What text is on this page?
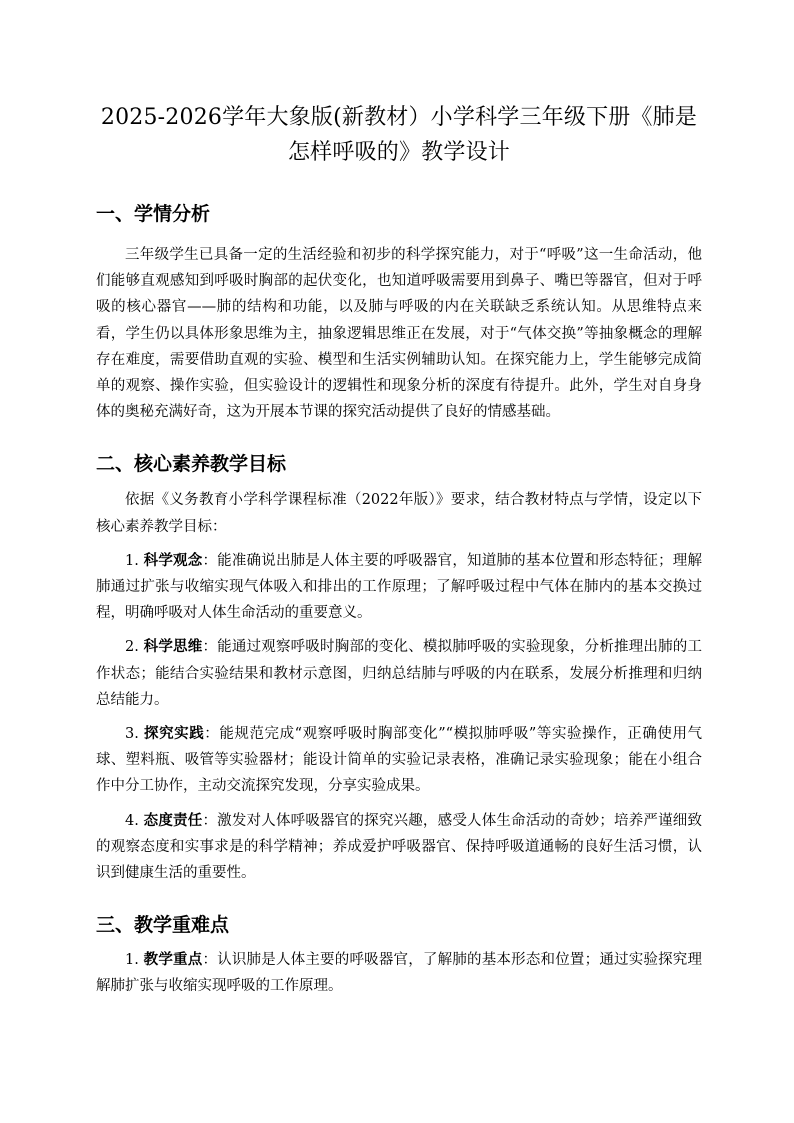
2025-2026学年大象版(新教材）小学科学三年级下册《肺是怎样呼吸的》教学设计
一、学情分析

三年级学生已具备一定的生活经验和初步的科学探究能力，对于“呼吸”这一生命活动，他们能够直观感知到呼吸时胸部的起伏变化，也知道呼吸需要用到鼻子、嘴巴等器官，但对于呼吸的核心器官——肺的结构和功能，以及肺与呼吸的内在关联缺乏系统认知。从思维特点来看，学生仍以具体形象思维为主，抽象逻辑思维正在发展，对于“气体交换”等抽象概念的理解存在难度，需要借助直观的实验、模型和生活实例辅助认知。在探究能力上，学生能够完成简单的观察、操作实验，但实验设计的逻辑性和现象分析的深度有待提升。此外，学生对自身身体的奥秘充满好奇，这为开展本节课的探究活动提供了良好的情感基础。

二、核心素养教学目标

依据《义务教育小学科学课程标准（2022年版）》要求，结合教材特点与学情，设定以下核心素养教学目标：

1. 科学观念：能准确说出肺是人体主要的呼吸器官，知道肺的基本位置和形态特征；理解肺通过扩张与收缩实现气体吸入和排出的工作原理；了解呼吸过程中气体在肺内的基本交换过程，明确呼吸对人体生命活动的重要意义。

2. 科学思维：能通过观察呼吸时胸部的变化、模拟肺呼吸的实验现象，分析推理出肺的工作状态；能结合实验结果和教材示意图，归纳总结肺与呼吸的内在联系，发展分析推理和归纳总结能力。

3. 探究实践：能规范完成“观察呼吸时胸部变化”“模拟肺呼吸”等实验操作，正确使用气球、塑料瓶、吸管等实验器材；能设计简单的实验记录表格，准确记录实验现象；能在小组合作中分工协作，主动交流探究发现，分享实验成果。

4. 态度责任：激发对人体呼吸器官的探究兴趣，感受人体生命活动的奇妙；培养严谨细致的观察态度和实事求是的科学精神；养成爱护呼吸器官、保持呼吸道通畅的良好生活习惯，认识到健康生活的重要性。

三、教学重难点

1. 教学重点：认识肺是人体主要的呼吸器官，了解肺的基本形态和位置；通过实验探究理解肺扩张与收缩实现呼吸的工作原理。
